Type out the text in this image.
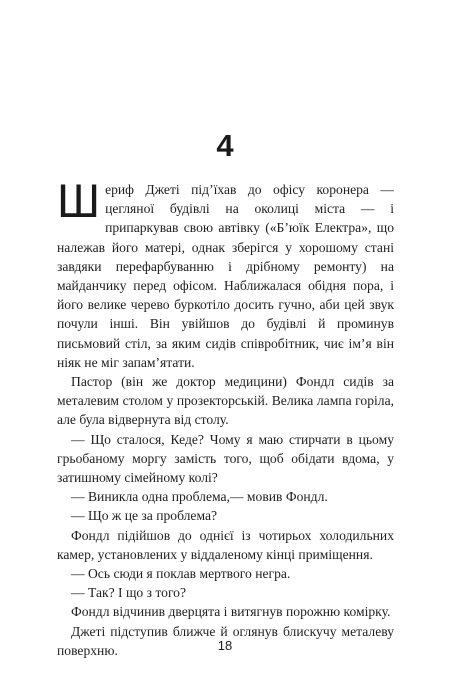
4

Шериф Джеті під’їхав до офісу коронера — цегляної будівлі на околиці міста — і припаркував свою автівку («Б’юїк Електра», що належав його матері, однак зберігся у хорошому стані завдяки перефарбуванню і дрібному ремонту) на майданчику перед офісом. Наближалася обідня пора, і його велике черево буркотіло досить гучно, аби цей звук почули інші. Він увійшов до будівлі й проминув письмовий стіл, за яким сидів співробітник, чиє ім’я він ніяк не міг запам’ятати.

Пастор (він же доктор медицини) Фондл сидів за металевим столом у прозекторській. Велика лампа горіла, але була відвернута від столу.

— Що сталося, Кеде? Чому я маю стирчати в цьому грьобаному моргу замість того, щоб обідати вдома, у затишному сімейному колі?

— Виникла одна проблема,— мовив Фондл.

— Що ж це за проблема?

Фондл підійшов до однієї із чотирьох холодильних камер, установлених у віддаленому кінці приміщення.

— Ось сюди я поклав мертвого негра.

— Так? І що з того?

Фондл відчинив дверцята і витягнув порожню комірку.

Джеті підступив ближче й оглянув блискучу металеву поверхню.	18
